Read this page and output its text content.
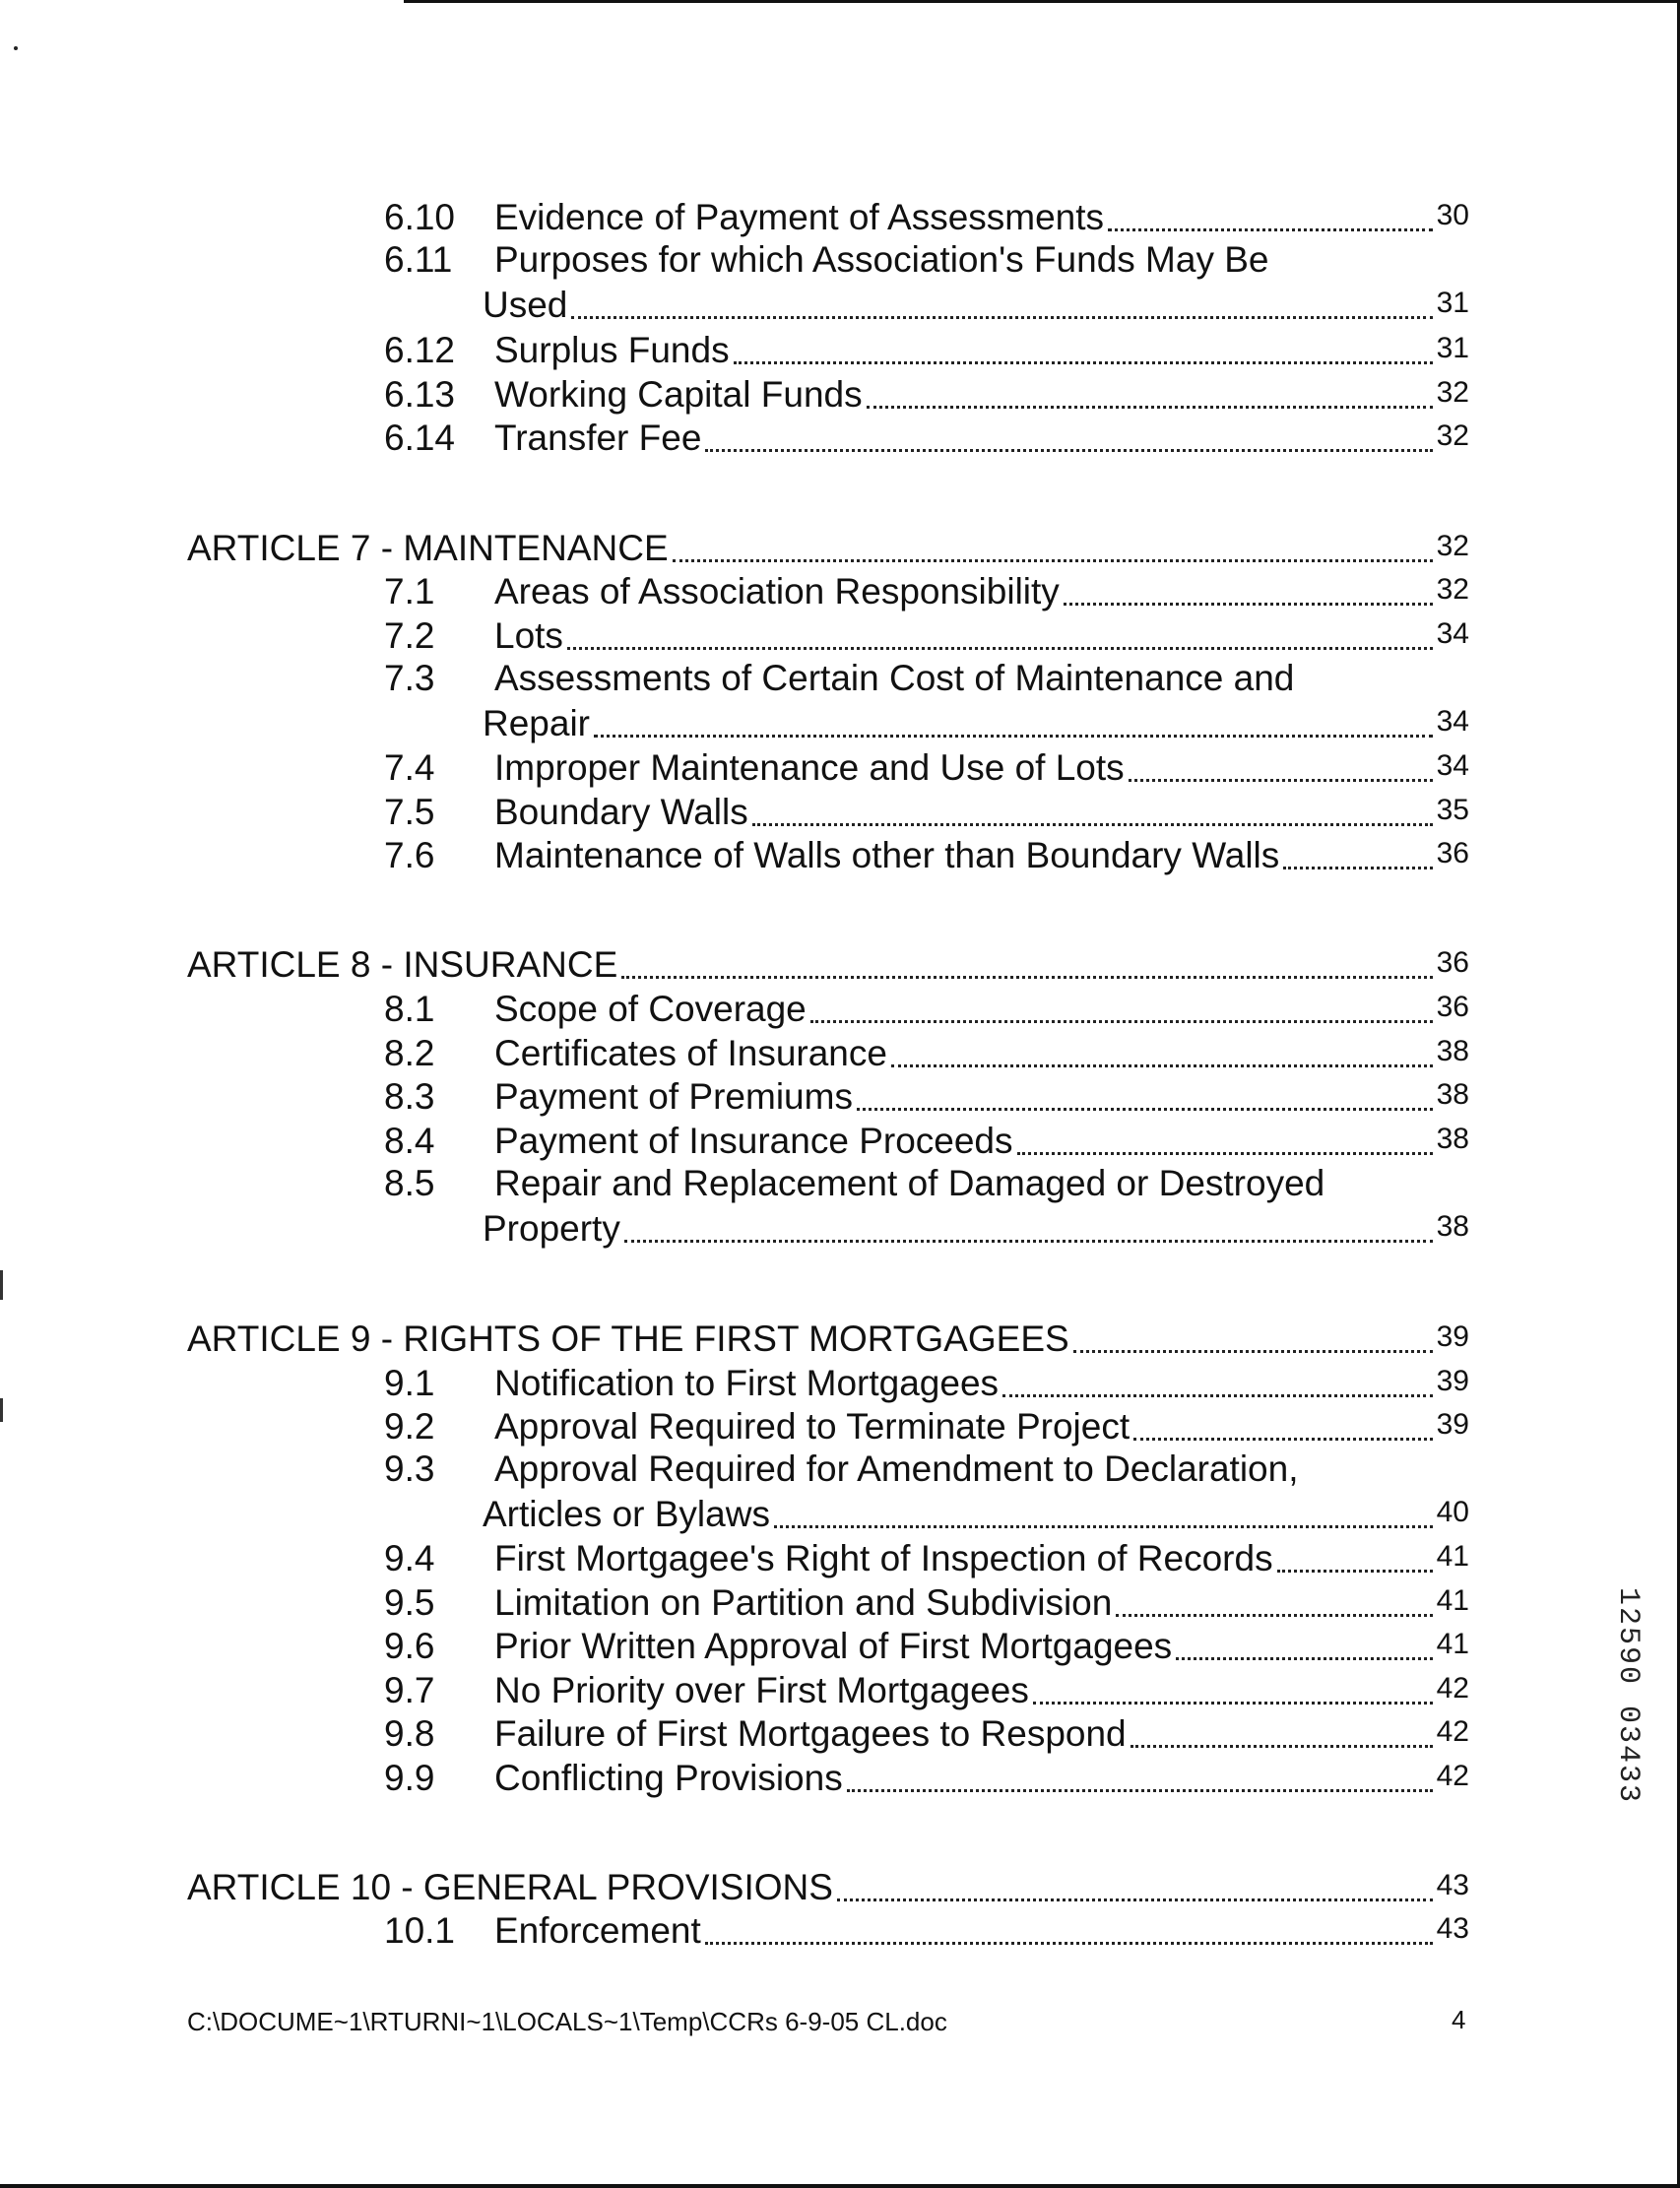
6.10	Evidence of Payment of Assessments	30
6.11	Purposes for which Association's Funds May Be
Used	31
6.12	Surplus Funds	31
6.13	Working Capital Funds	32
6.14	Transfer Fee	32
ARTICLE 7 - MAINTENANCE	32
7.1	Areas of Association Responsibility	32
7.2	Lots	34
7.3	Assessments of Certain Cost of Maintenance and
Repair	34
7.4	Improper Maintenance and Use of Lots	34
7.5	Boundary Walls	35
7.6	Maintenance of Walls other than Boundary Walls	36
ARTICLE 8 - INSURANCE	36
8.1	Scope of Coverage	36
8.2	Certificates of Insurance	38
8.3	Payment of Premiums	38
8.4	Payment of Insurance Proceeds	38
8.5	Repair and Replacement of Damaged or Destroyed
Property	38
ARTICLE 9 - RIGHTS OF THE FIRST MORTGAGEES	39
9.1	Notification to First Mortgagees	39
9.2	Approval Required to Terminate Project	39
9.3	Approval Required for Amendment to Declaration,
Articles or Bylaws	40
9.4	First Mortgagee's Right of Inspection of Records	41
9.5	Limitation on Partition and Subdivision	41
9.6	Prior Written Approval of First Mortgagees	41
9.7	No Priority over First Mortgagees	42
9.8	Failure of First Mortgagees to Respond	42
9.9	Conflicting Provisions	42
ARTICLE 10 - GENERAL PROVISIONS	43
10.1	Enforcement	43
C:\DOCUME~1\RTURNI~1\LOCALS~1\Temp\CCRs 6-9-05 CL.doc	4
12590 03433
